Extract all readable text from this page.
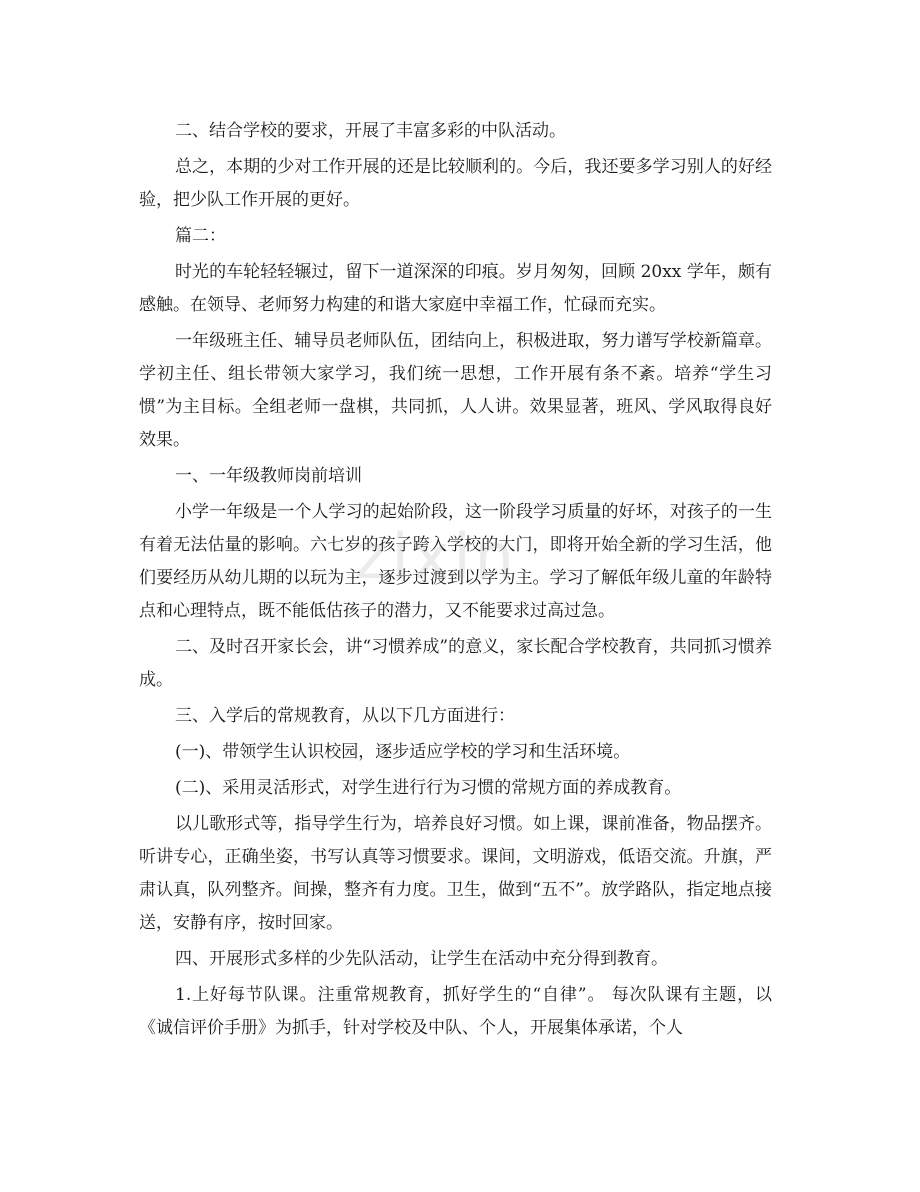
二、结合学校的要求，开展了丰富多彩的中队活动。

总之，本期的少对工作开展的还是比较顺利的。今后，我还要多学习别人的好经验，把少队工作开展的更好。

篇二：

时光的车轮轻轻辗过，留下一道深深的印痕。岁月匆匆，回顾 20xx 学年，颇有感触。在领导、老师努力构建的和谐大家庭中幸福工作，忙碌而充实。

一年级班主任、辅导员老师队伍，团结向上，积极进取，努力谱写学校新篇章。学初主任、组长带领大家学习，我们统一思想，工作开展有条不紊。培养“学生习惯”为主目标。全组老师一盘棋，共同抓，人人讲。效果显著，班风、学风取得良好效果。

一、一年级教师岗前培训

小学一年级是一个人学习的起始阶段，这一阶段学习质量的好坏，对孩子的一生有着无法估量的影响。六七岁的孩子跨入学校的大门，即将开始全新的学习生活，他们要经历从幼儿期的以玩为主，逐步过渡到以学为主。学习了解低年级儿童的年龄特点和心理特点，既不能低估孩子的潜力，又不能要求过高过急。

二、及时召开家长会，讲“习惯养成”的意义，家长配合学校教育，共同抓习惯养成。

三、入学后的常规教育，从以下几方面进行：

(一)、带领学生认识校园，逐步适应学校的学习和生活环境。

(二)、采用灵活形式，对学生进行行为习惯的常规方面的养成教育。

以儿歌形式等，指导学生行为，培养良好习惯。如上课，课前准备，物品摆齐。听讲专心，正确坐姿，书写认真等习惯要求。课间，文明游戏，低语交流。升旗，严肃认真，队列整齐。间操，整齐有力度。卫生，做到“五不”。放学路队，指定地点接送，安静有序，按时回家。

四、开展形式多样的少先队活动，让学生在活动中充分得到教育。

1.上好每节队课。注重常规教育，抓好学生的“自律”。 每次队课有主题，以《诚信评价手册》为抓手，针对学校及中队、个人，开展集体承诺，个人

zixin
